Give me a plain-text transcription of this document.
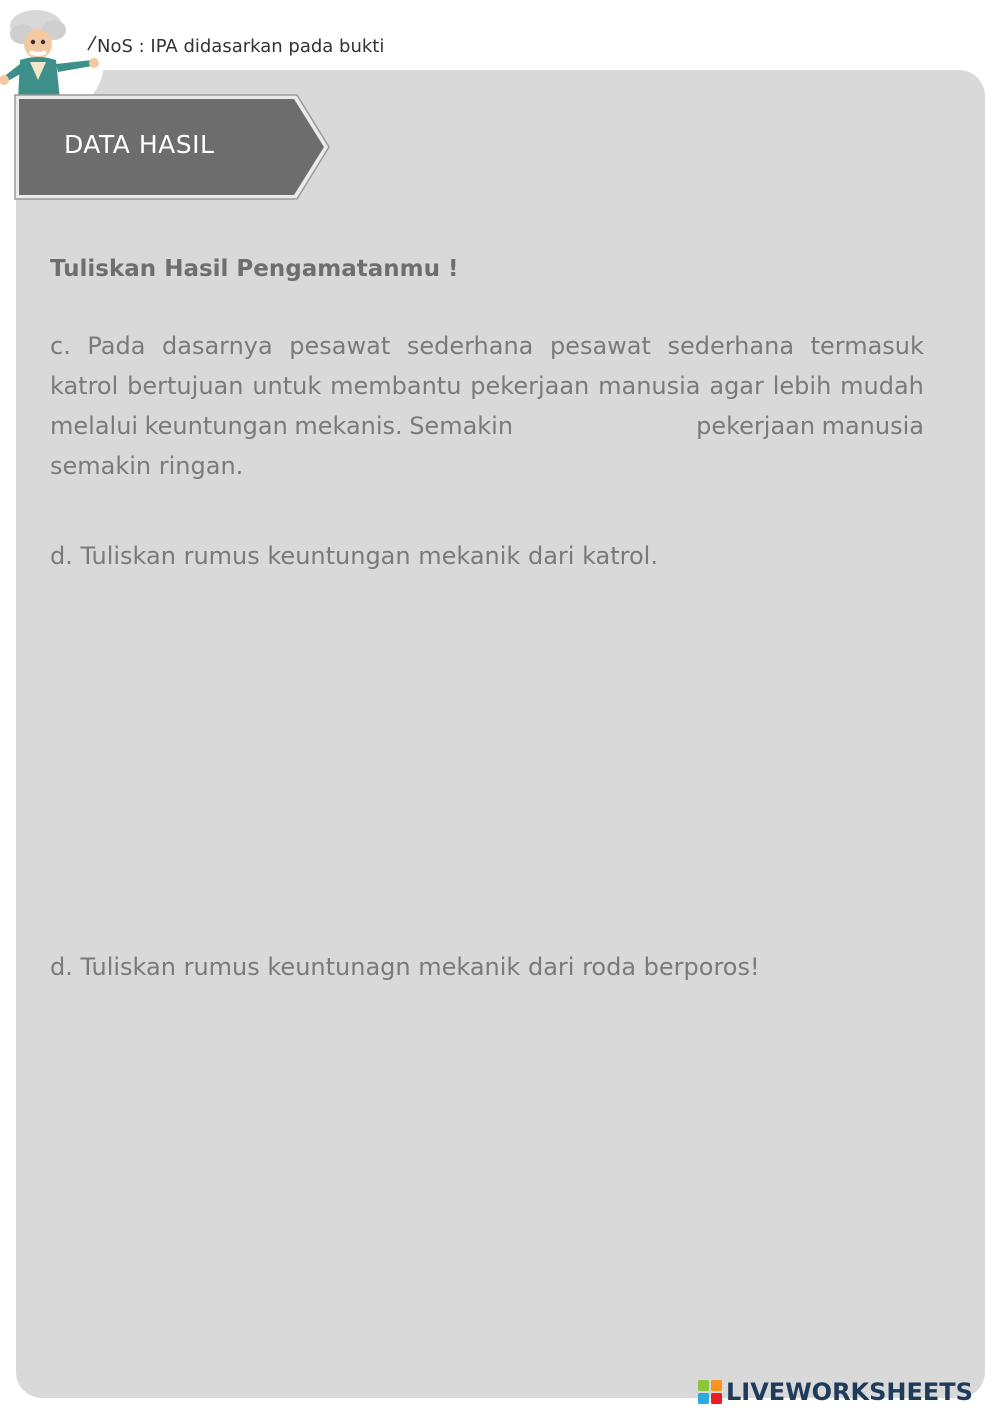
NoS : IPA didasarkan pada bukti
DATA HASIL
Tuliskan Hasil Pengamatanmu !
c. Pada dasarnya pesawat sederhana pesawat sederhana termasuk
katrol bertujuan untuk membantu pekerjaan manusia agar lebih mudah
melalui keuntungan mekanis. Semakin	pekerjaan manusia
semakin ringan.
d. Tuliskan rumus keuntungan mekanik dari katrol.
d. Tuliskan rumus keuntunagn mekanik dari roda berporos!
LIVEWORKSHEETS
